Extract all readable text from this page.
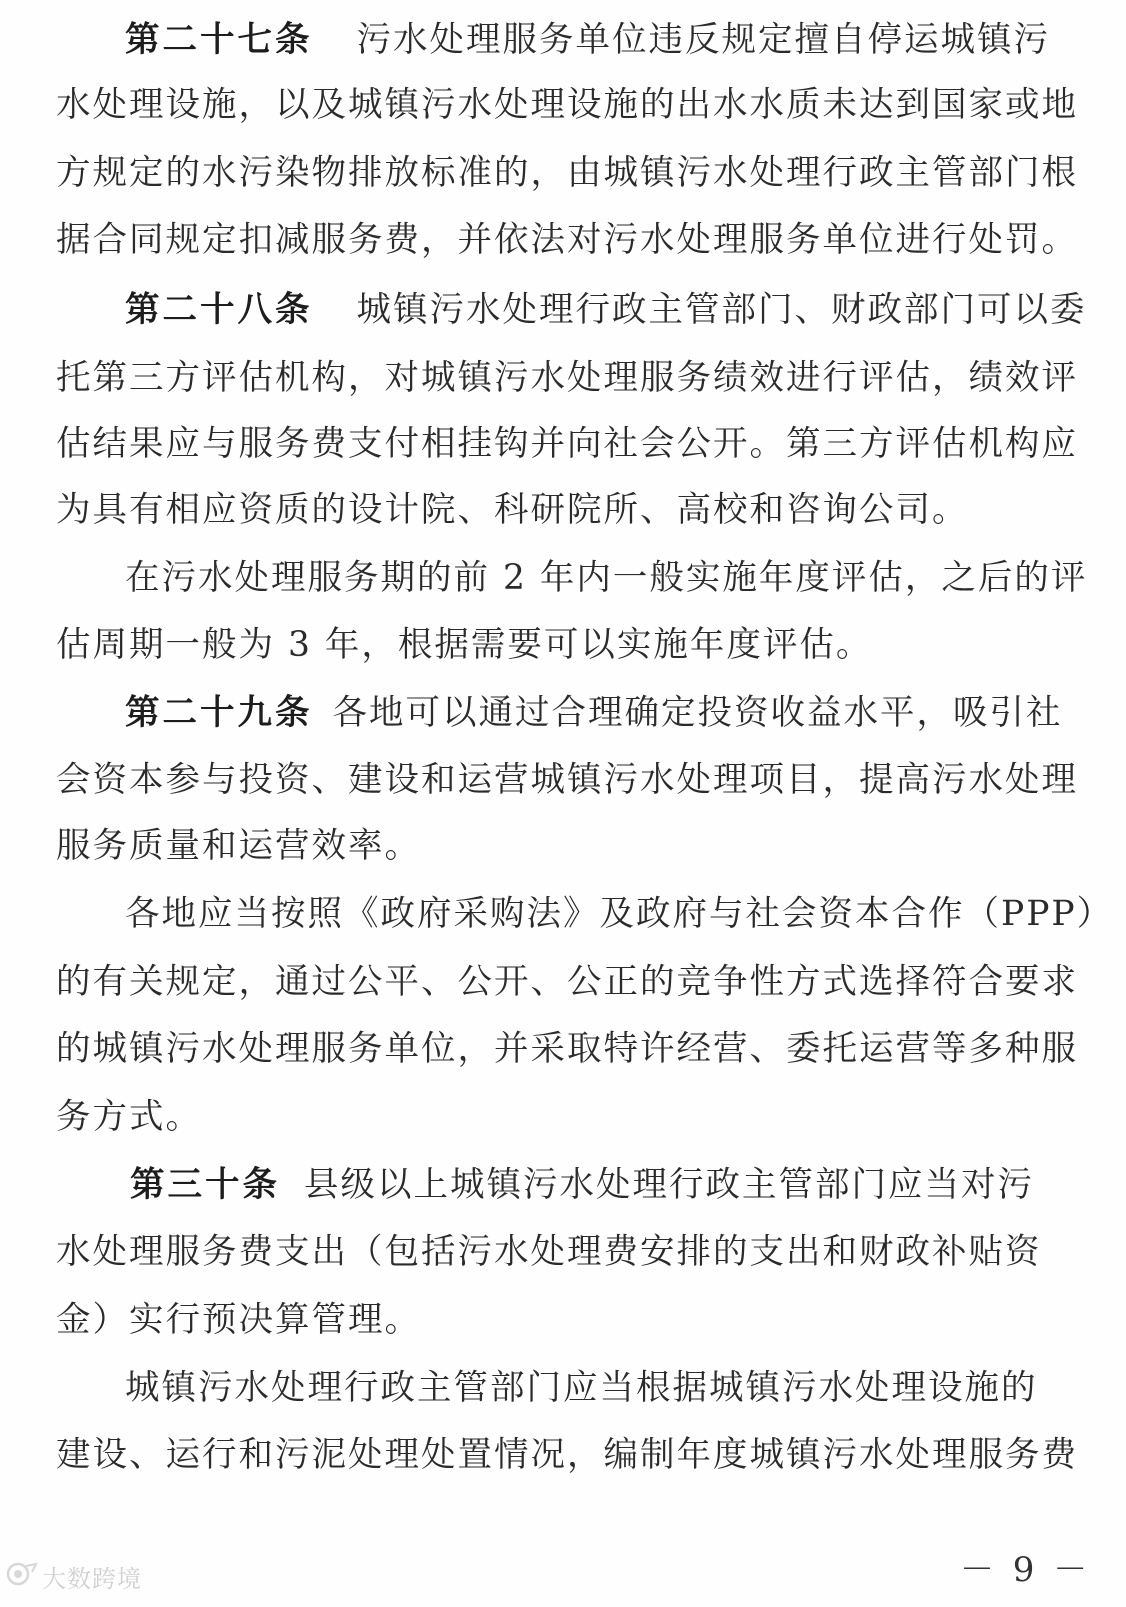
第二十七条 污水处理服务单位违反规定擅自停运城镇污
水处理设施，以及城镇污水处理设施的出水水质未达到国家或地
方规定的水污染物排放标准的，由城镇污水处理行政主管部门根
据合同规定扣减服务费，并依法对污水处理服务单位进行处罚。
第二十八条 城镇污水处理行政主管部门、财政部门可以委
托第三方评估机构，对城镇污水处理服务绩效进行评估，绩效评
估结果应与服务费支付相挂钩并向社会公开。第三方评估机构应
为具有相应资质的设计院、科研院所、高校和咨询公司。
在污水处理服务期的前 2 年内一般实施年度评估，之后的评
估周期一般为 3 年，根据需要可以实施年度评估。
第二十九条 各地可以通过合理确定投资收益水平，吸引社
会资本参与投资、建设和运营城镇污水处理项目，提高污水处理
服务质量和运营效率。
各地应当按照《政府采购法》及政府与社会资本合作（PPP）
的有关规定，通过公平、公开、公正的竞争性方式选择符合要求
的城镇污水处理服务单位，并采取特许经营、委托运营等多种服
务方式。
第三十条 县级以上城镇污水处理行政主管部门应当对污
水处理服务费支出（包括污水处理费安排的支出和财政补贴资
金）实行预决算管理。
城镇污水处理行政主管部门应当根据城镇污水处理设施的
建设、运行和污泥处理处置情况，编制年度城镇污水处理服务费
大数跨境	－ 9 －
